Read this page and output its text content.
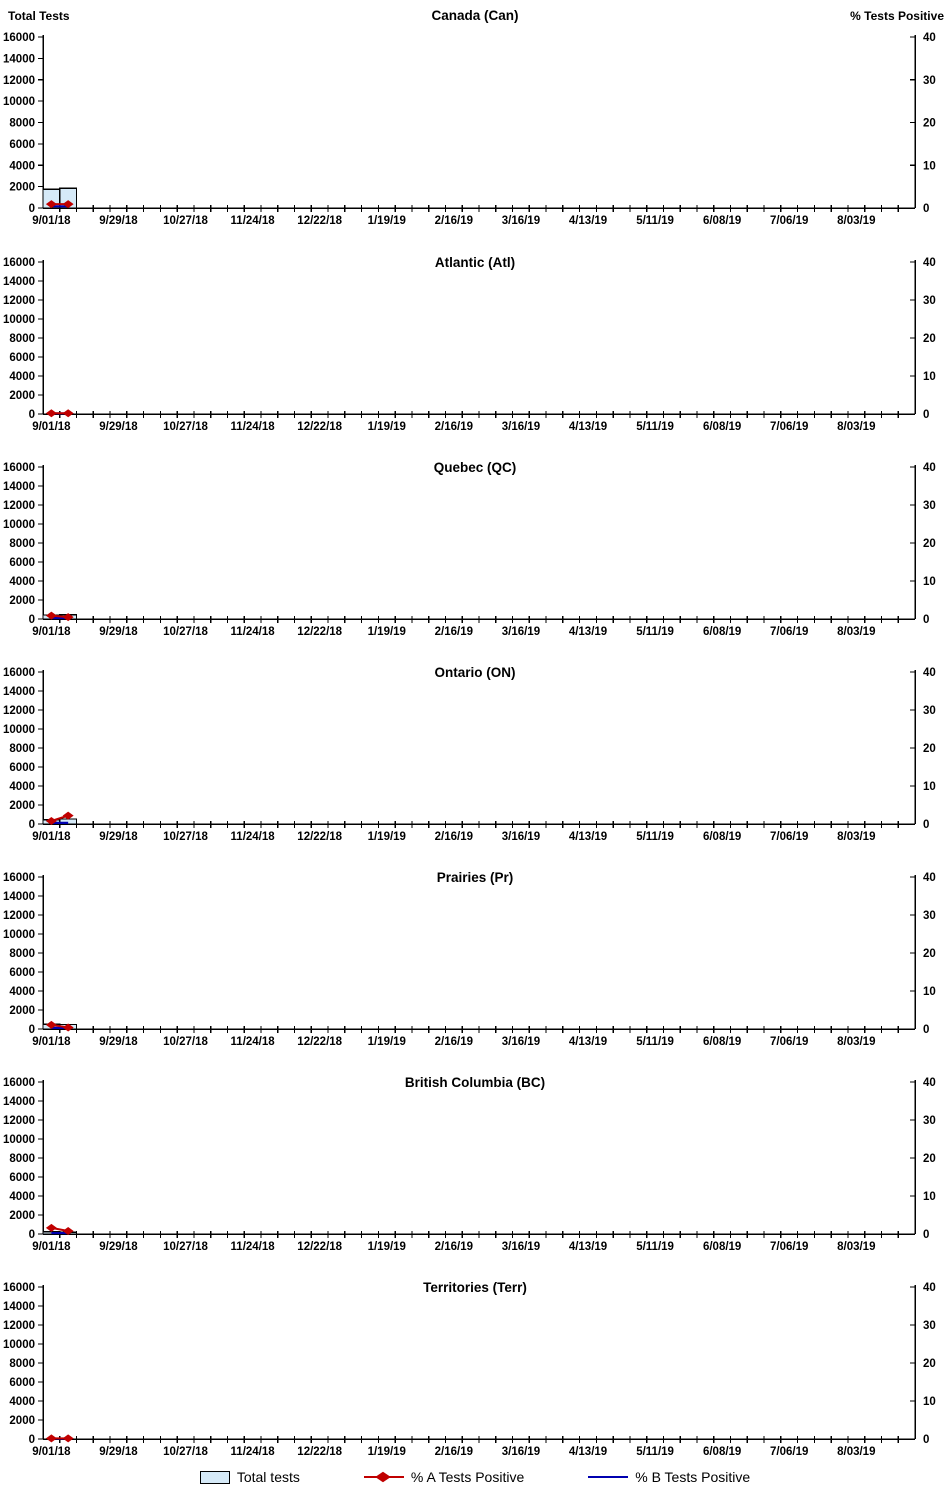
Canada (Can)
Total Tests	% Tests Positive
0
2000
4000
6000
8000
10000
12000
14000
16000
0
10
20
30
40
9/01/18 9/29/18 10/27/18 11/24/18 12/22/18 1/19/19 2/16/19 3/16/19 4/13/19	5/11/19	6/08/19 7/06/19 8/03/19
Atlantic (Atl)
0
2000
4000
6000
8000
10000
12000
14000
16000
0
10
20
30
40
9/01/18 9/29/18 10/27/18 11/24/18 12/22/18 1/19/19 2/16/19 3/16/19 4/13/19	5/11/19	6/08/19 7/06/19 8/03/19
Quebec (QC)
0
2000
4000
6000
8000
10000
12000
14000
16000
0
10
20
30
40
9/01/18 9/29/18 10/27/18 11/24/18 12/22/18 1/19/19 2/16/19 3/16/19 4/13/19	5/11/19	6/08/19 7/06/19 8/03/19
Ontario (ON)
0
2000
4000
6000
8000
10000
12000
14000
16000
0
10
20
30
40
9/01/18 9/29/18 10/27/18 11/24/18 12/22/18 1/19/19 2/16/19 3/16/19 4/13/19	5/11/19	6/08/19 7/06/19 8/03/19
Prairies (Pr)
0
2000
4000
6000
8000
10000
12000
14000
16000
0
10
20
30
40
9/01/18 9/29/18 10/27/18 11/24/18 12/22/18 1/19/19 2/16/19 3/16/19 4/13/19	5/11/19	6/08/19 7/06/19 8/03/19
British Columbia (BC)
0
2000
4000
6000
8000
10000
12000
14000
16000
0
10
20
30
40
9/01/18 9/29/18 10/27/18 11/24/18 12/22/18 1/19/19 2/16/19 3/16/19 4/13/19	5/11/19	6/08/19 7/06/19 8/03/19
Territories (Terr)
0
2000
4000
6000
8000
10000
12000
14000
16000
0
10
20
30
40
9/01/18 9/29/18 10/27/18 11/24/18 12/22/18 1/19/19 2/16/19 3/16/19 4/13/19	5/11/19	6/08/19 7/06/19 8/03/19
Total tests	% A Tests Positive	% B Tests Positive
